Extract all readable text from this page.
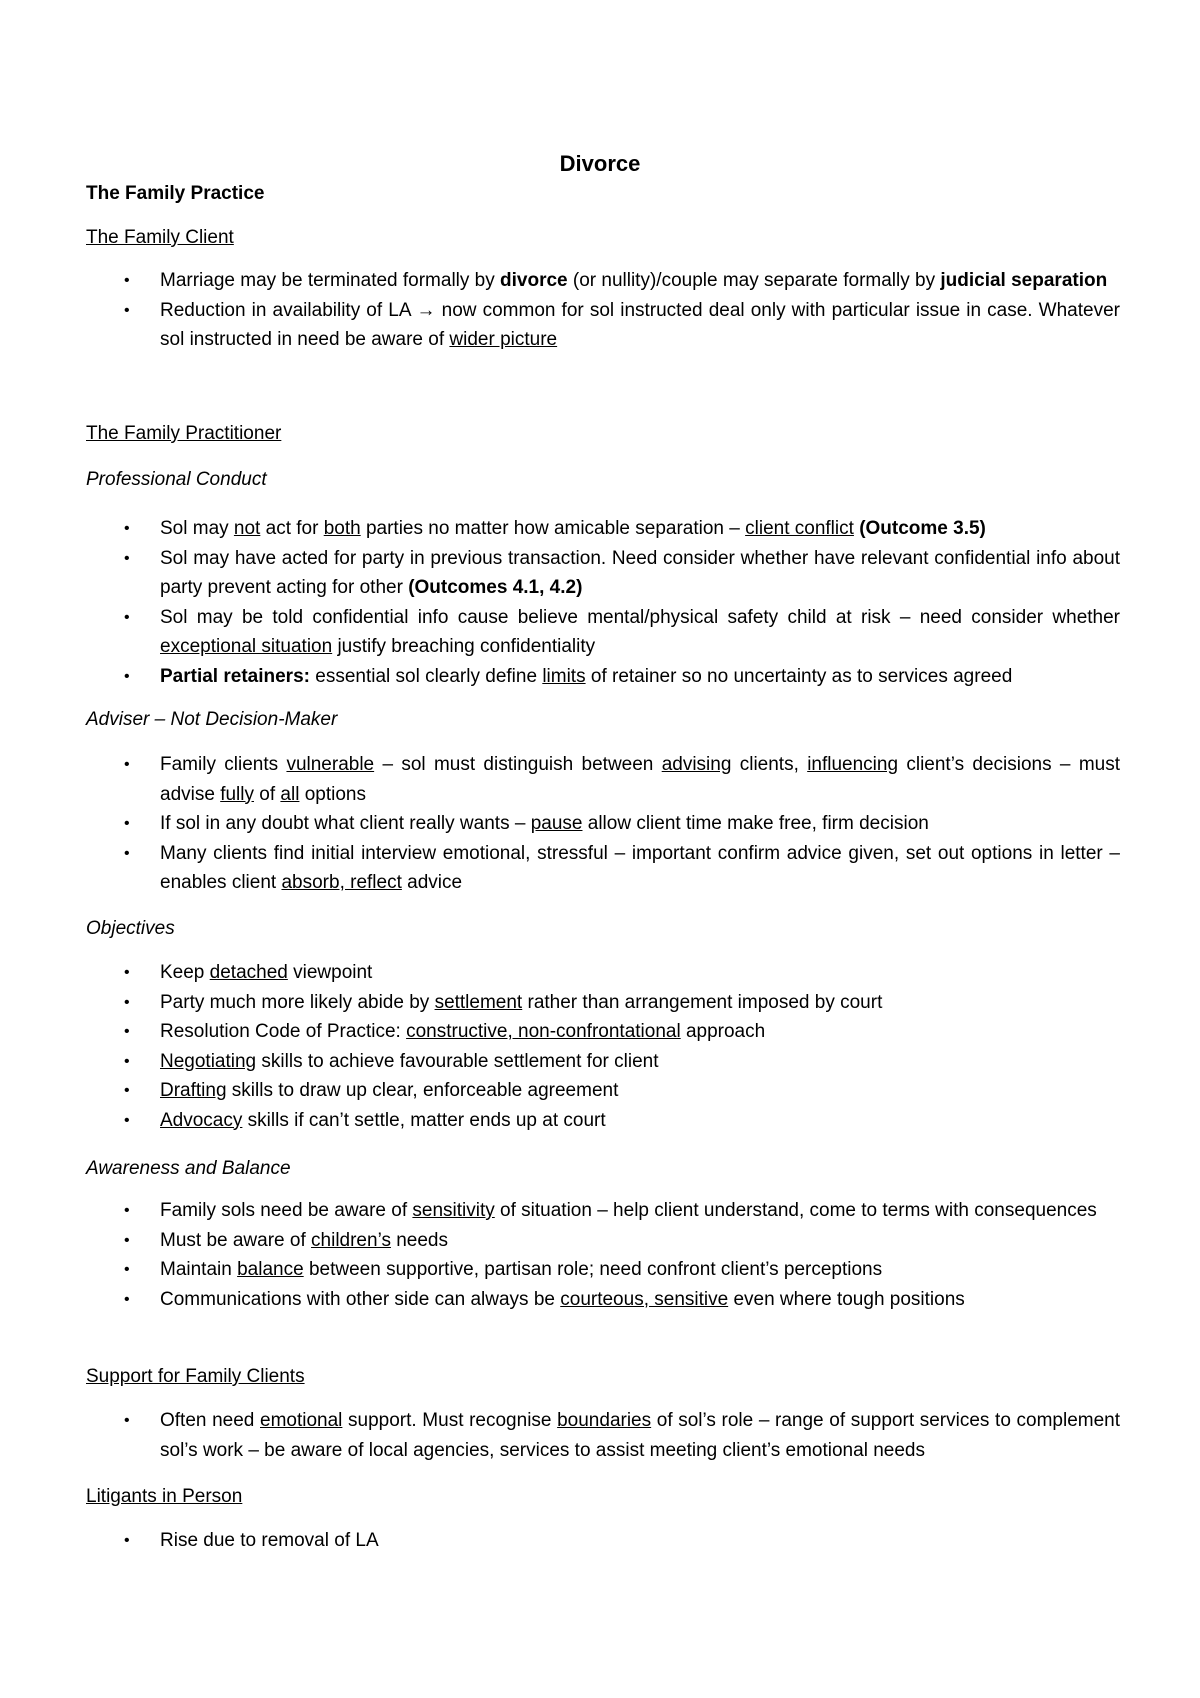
Divorce
The Family Practice
The Family Client
• Marriage may be terminated formally by divorce (or nullity)/couple may separate formally by judicial separation
• Reduction in availability of LA → now common for sol instructed deal only with particular issue in case. Whatever sol instructed in need be aware of wider picture
The Family Practitioner
Professional Conduct
• Sol may not act for both parties no matter how amicable separation – client conflict (Outcome 3.5)
• Sol may have acted for party in previous transaction. Need consider whether have relevant confidential info about party prevent acting for other (Outcomes 4.1, 4.2)
• Sol may be told confidential info cause believe mental/physical safety child at risk – need consider whether exceptional situation justify breaching confidentiality
• Partial retainers: essential sol clearly define limits of retainer so no uncertainty as to services agreed
Adviser – Not Decision-Maker
• Family clients vulnerable – sol must distinguish between advising clients, influencing client’s decisions – must advise fully of all options
• If sol in any doubt what client really wants – pause allow client time make free, firm decision
• Many clients find initial interview emotional, stressful – important confirm advice given, set out options in letter – enables client absorb, reflect advice
Objectives
• Keep detached viewpoint
• Party much more likely abide by settlement rather than arrangement imposed by court
• Resolution Code of Practice: constructive, non-confrontational approach
• Negotiating skills to achieve favourable settlement for client
• Drafting skills to draw up clear, enforceable agreement
• Advocacy skills if can’t settle, matter ends up at court
Awareness and Balance
• Family sols need be aware of sensitivity of situation – help client understand, come to terms with consequences
• Must be aware of children’s needs
• Maintain balance between supportive, partisan role; need confront client’s perceptions
• Communications with other side can always be courteous, sensitive even where tough positions
Support for Family Clients
• Often need emotional support. Must recognise boundaries of sol’s role – range of support services to complement sol’s work – be aware of local agencies, services to assist meeting client’s emotional needs
Litigants in Person
• Rise due to removal of LA
